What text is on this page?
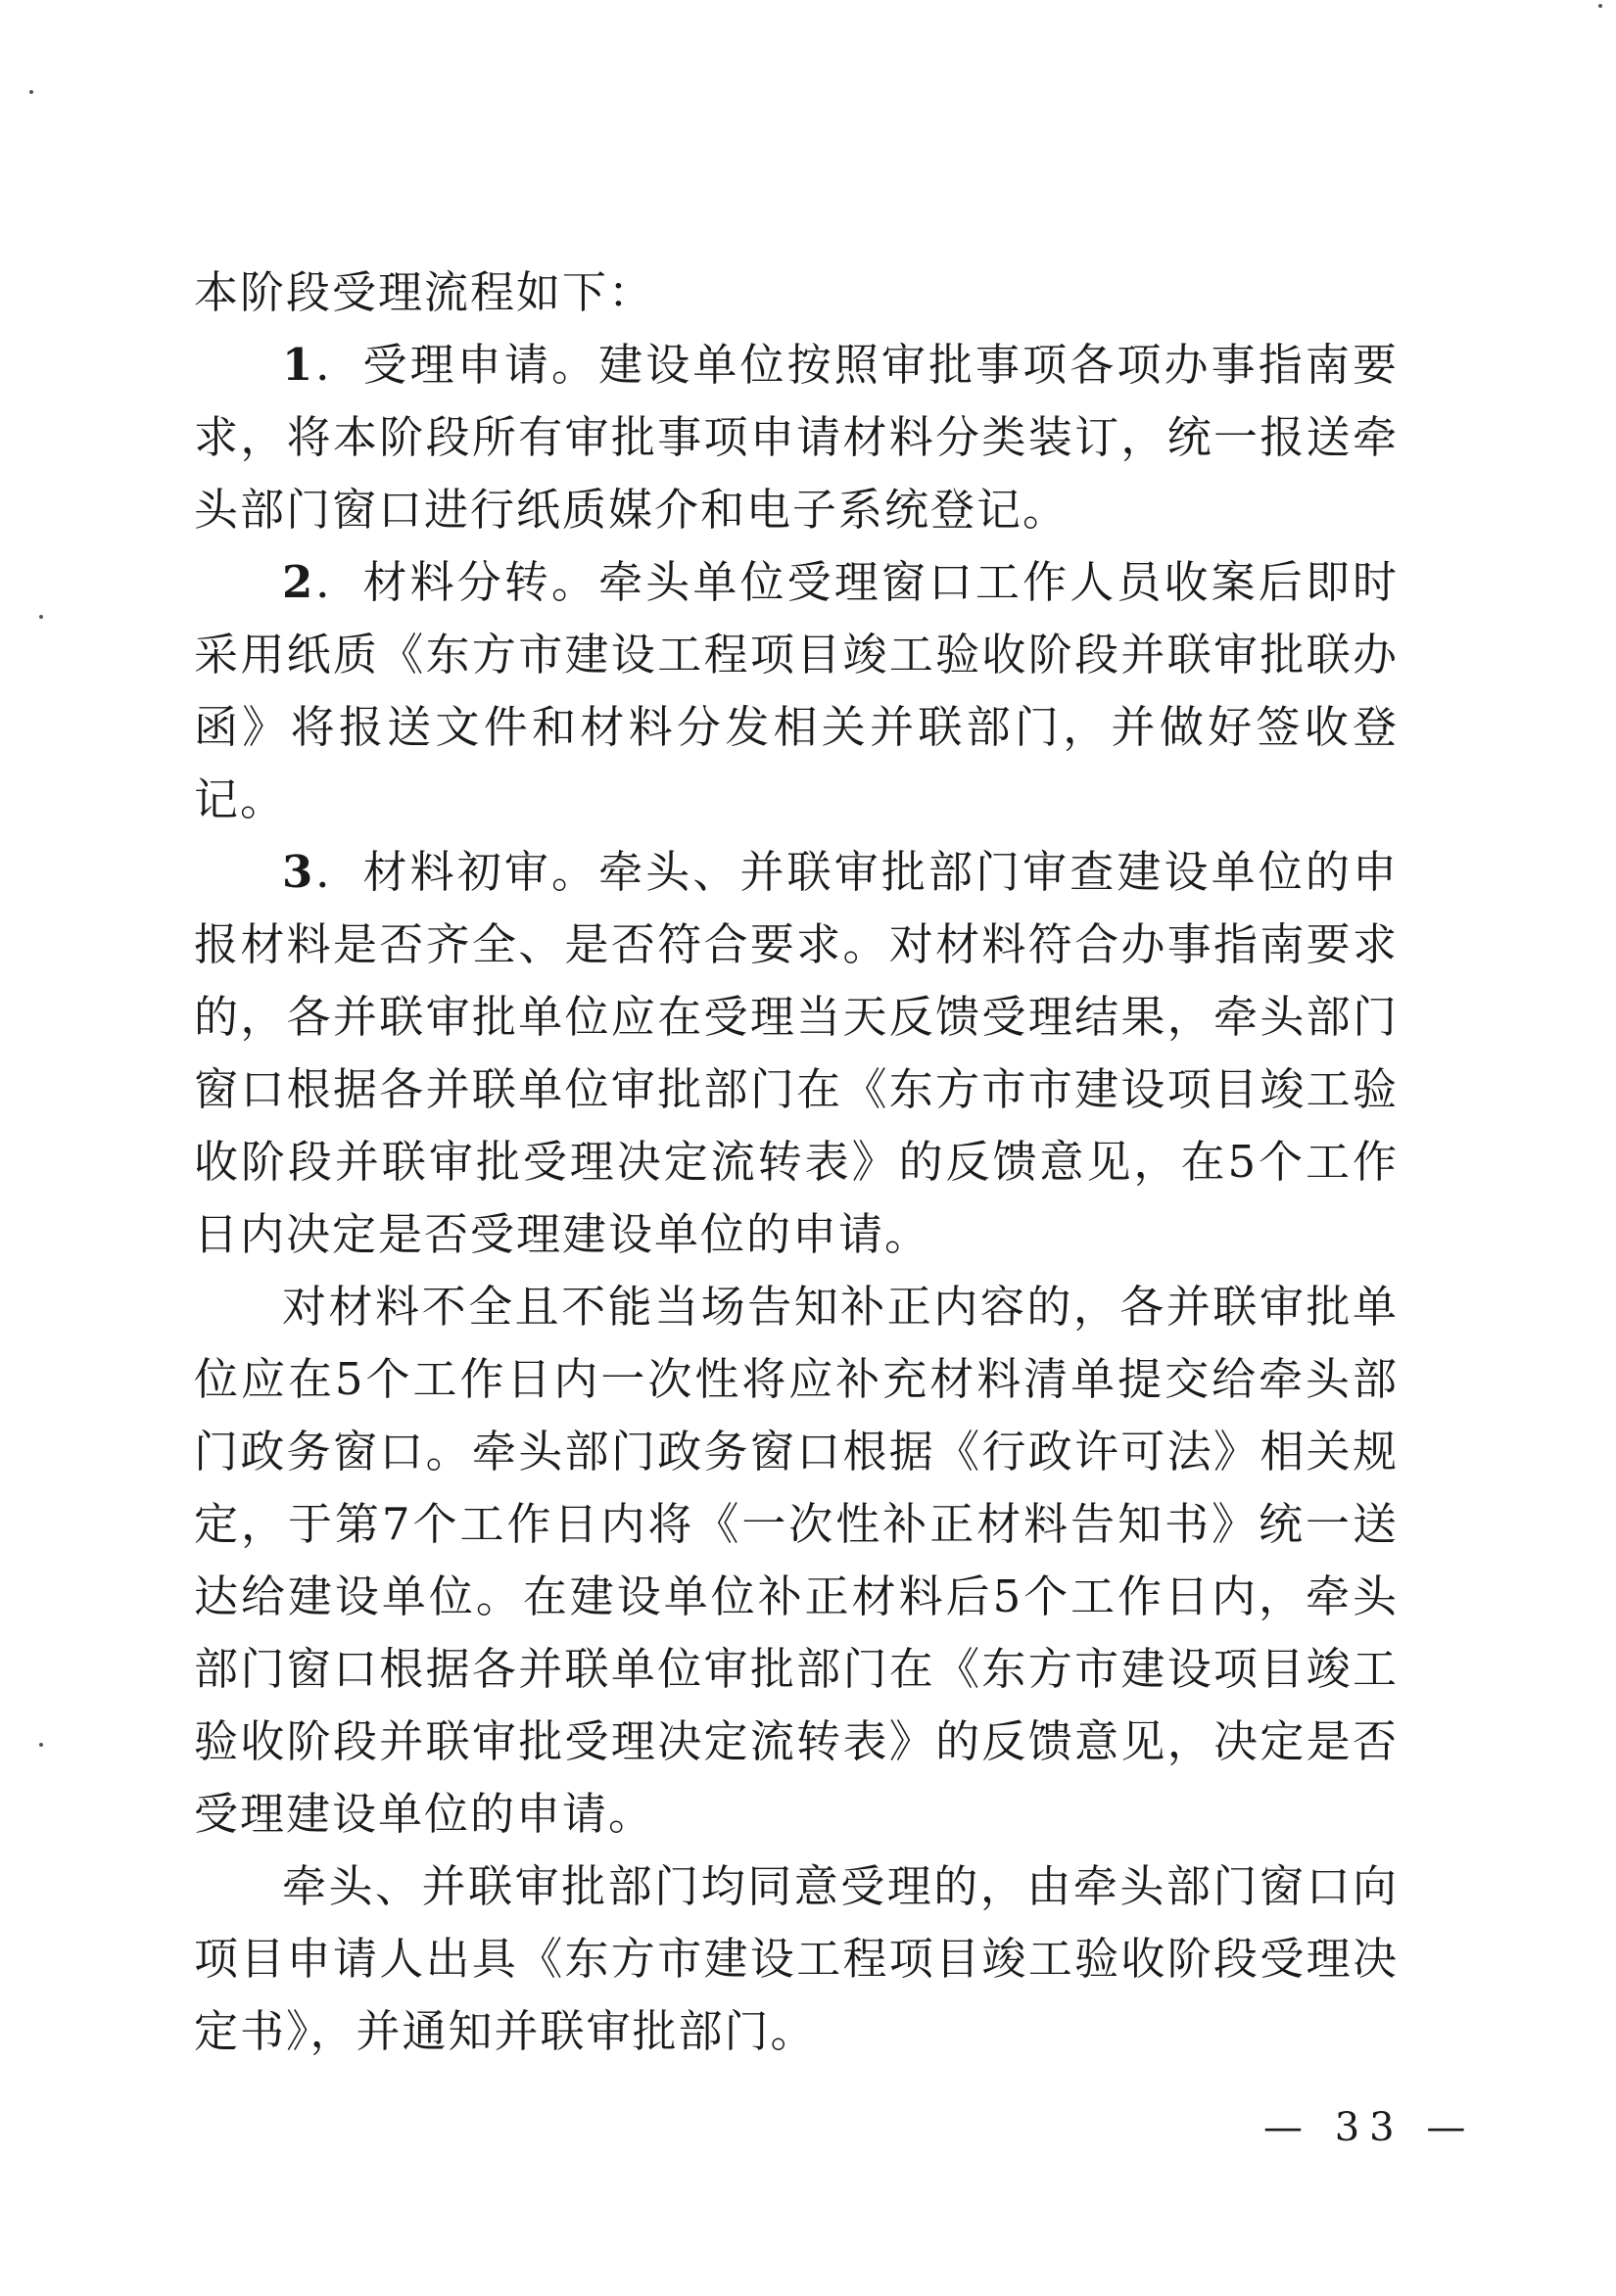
本阶段受理流程如下：

1．受理申请。建设单位按照审批事项各项办事指南要求，将本阶段所有审批事项申请材料分类装订，统一报送牵头部门窗口进行纸质媒介和电子系统登记。

2．材料分转。牵头单位受理窗口工作人员收案后即时采用纸质《东方市建设工程项目竣工验收阶段并联审批联办函》将报送文件和材料分发相关并联部门，并做好签收登记。

3．材料初审。牵头、并联审批部门审查建设单位的申报材料是否齐全、是否符合要求。对材料符合办事指南要求的，各并联审批单位应在受理当天反馈受理结果，牵头部门窗口根据各并联单位审批部门在《东方市市建设项目竣工验收阶段并联审批受理决定流转表》的反馈意见，在5个工作日内决定是否受理建设单位的申请。

对材料不全且不能当场告知补正内容的，各并联审批单位应在5个工作日内一次性将应补充材料清单提交给牵头部门政务窗口。牵头部门政务窗口根据《行政许可法》相关规定，于第7个工作日内将《一次性补正材料告知书》统一送达给建设单位。在建设单位补正材料后5个工作日内，牵头部门窗口根据各并联单位审批部门在《东方市建设项目竣工验收阶段并联审批受理决定流转表》的反馈意见，决定是否受理建设单位的申请。

牵头、并联审批部门均同意受理的，由牵头部门窗口向项目申请人出具《东方市建设工程项目竣工验收阶段受理决定书》，并通知并联审批部门。

— 33 —
